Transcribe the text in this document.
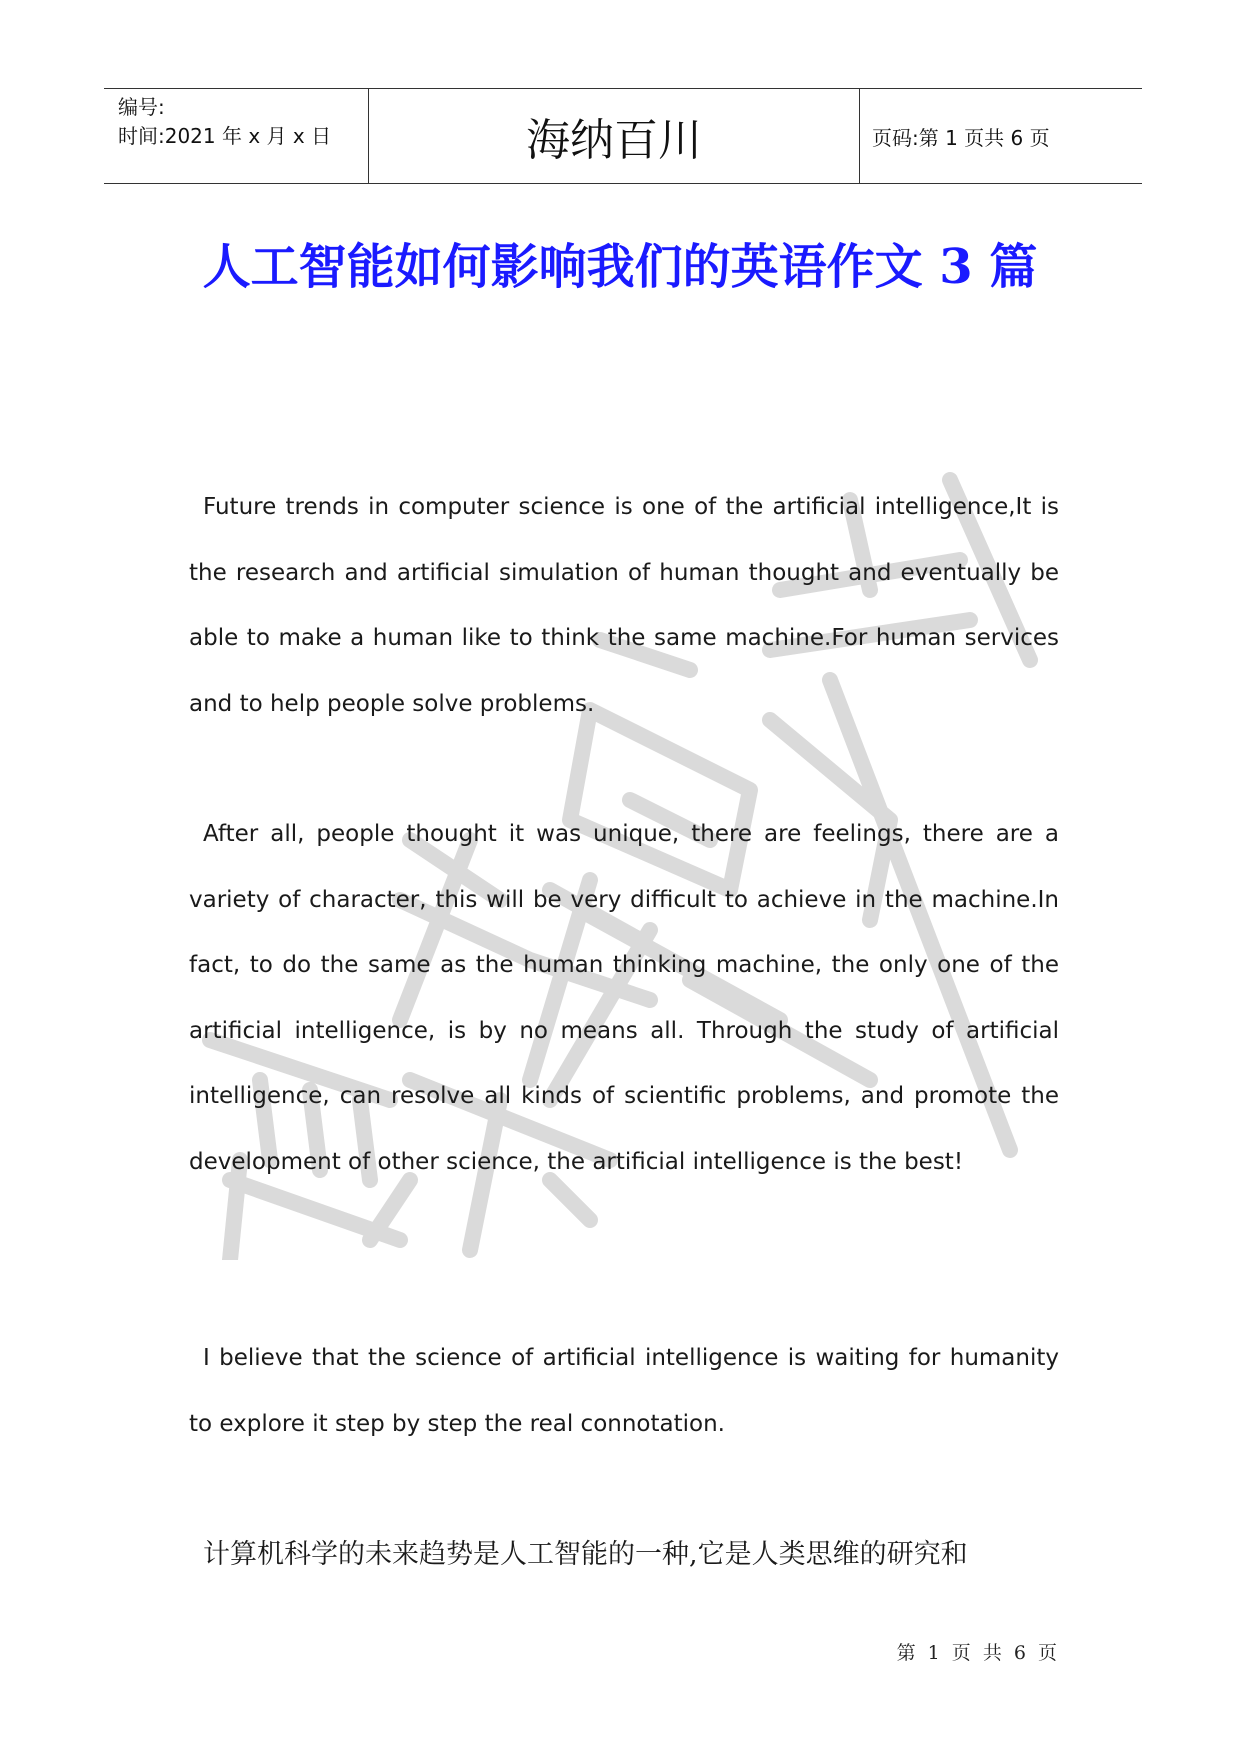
编号:
时间:2021 年 x 月 x 日	海纳百川	页码:第 1 页共 6 页
人工智能如何影响我们的英语作文 3 篇
Future trends in computer science is one of the artificial intelligence,It is the research and artificial simulation of human thought and eventually be able to make a human like to think the same machine.For human services and to help people solve problems.
After all, people thought it was unique, there are feelings, there are a variety of character, this will be very difficult to achieve in the machine.In fact, to do the same as the human thinking machine, the only one of the artificial intelligence, is by no means all. Through the study of artificial intelligence, can resolve all kinds of scientific problems, and promote the development of other science, the artificial intelligence is the best!
I believe that the science of artificial intelligence is waiting for humanity to explore it step by step the real connotation.
计算机科学的未来趋势是人工智能的一种,它是人类思维的研究和
第 1 页 共 6 页
